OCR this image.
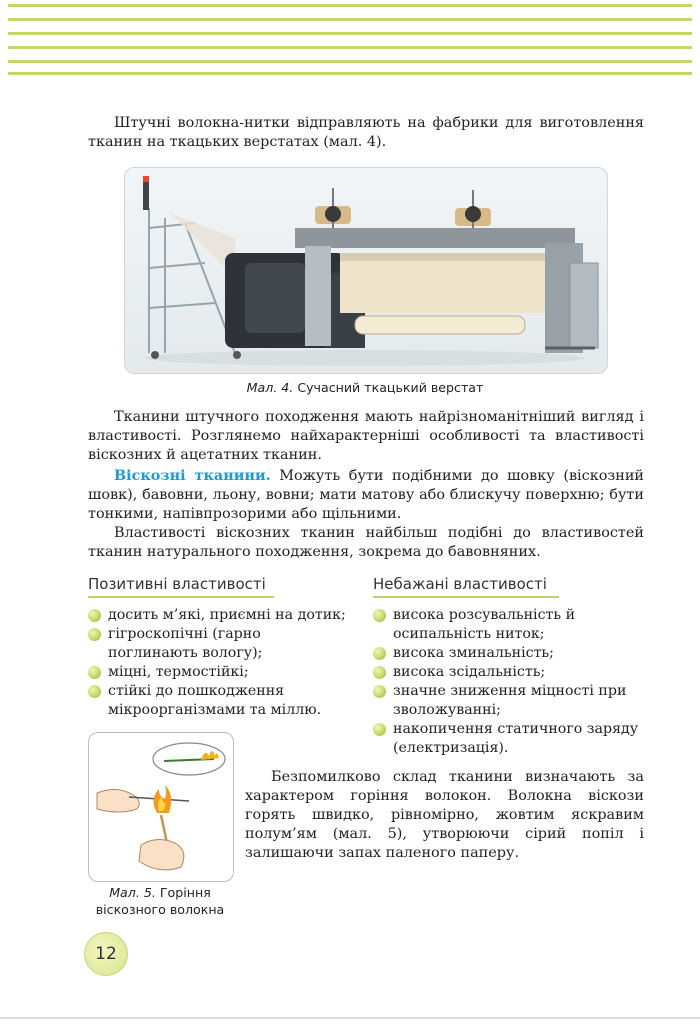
Штучні волокна-нитки відправляють на фабрики для виготовлення тканин на ткацьких верстатах (мал. 4).

Мал. 4. Сучасний ткацький верстат

Тканини штучного походження мають найрізноманітніший вигляд і властивості. Розглянемо найхарактерніші особливості та властивості віскозних й ацетатних тканин.

Віскозні тканини. Можуть бути подібними до шовку (віскозний шовк), бавовни, льону, вовни; мати матову або блискучу поверхню; бути тонкими, напівпрозорими або щільними.

Властивості віскозних тканин найбільш подібні до властивостей тканин натурального походження, зокрема до бавовняних.

Позитивні властивості
досить м’які, приємні на дотик;
гігроскопічні (гарно поглинають вологу);
міцні, термостійкі;
стійкі до пошкодження мікроорганізмами та міллю.
Небажані властивості
висока розсувальність й осипальність ниток;
висока зминальність;
висока зсідальність;
значне зниження міцності при зволожуванні;
накопичення статичного заряду (електризація).
Мал. 5. Горіння віскозного волокна

Безпомилково склад тканини визначають за характером горіння волокон. Волокна віскози горять швидко, рівномірно, жовтим яскравим полум’ям (мал. 5), утворюючи сірий попіл і залишаючи запах паленого паперу.

12
